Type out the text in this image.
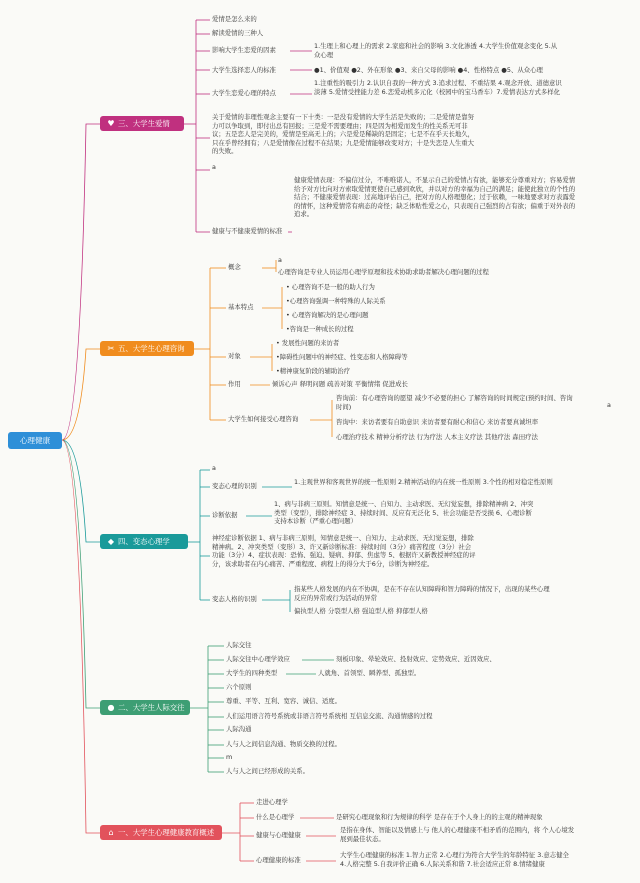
心理健康
♥ 三、大学生爱情
爱情是怎么来的
解读爱情的三种人
影响大学生恋爱的因素	1.生理上和心理上的需求 2.家庭和社会的影响 3.文化渗透 4.大学生价值观念变化 5.从众心理
大学生选择恋人的标准	●1、价值观 ●2、外在形象 ●3、来自父母的影响 ●4、性格特点 ●5、从众心理
大学生恋爱心理的特点
1.注重性的吸引力 2.认识自我的一种方式 3.追求过程、不重结果 4.观念开放、道德意识淡薄 5.爱情受挫能力差 6.恋爱动机多元化（校园中的宝马香车）7.爱情表达方式多样化
关于爱情的非理性观念主要有一下十类：一是没有爱情的大学生活是失败的；二是爱情是靠努力可以争取到，即付出总有回报；三是爱不需要理由；四是因为相爱而发生的性关系无可非议；五是恋人是完美的，爱情是至高无上的；六是爱是稀缺的是固定；七是不在乎天长地久，只在乎曾经拥有；八是爱情像在过程不在结果；九是爱情能够改变对方；十是失恋是人生重大的失败。
a
健康与不健康爱情的标准
健康爱情表现：不偏信过分，不唯唯诺人，不显示自己的爱情占有欲，能够充分尊重对方；容易爱情给予对方比向对方索取爱情更使自己感到欢欣，并以对方的幸福为自己的满足；能使此独立的个性的结合；不健康爱情表现：过高地评估自己，把对方的人格理想化；过于依赖，一味地要求对方表露爱的情怀，这种爱情常有病态的奇怪；缺乏体贴性爱之心，只表现自己强烈的占有欲；偏重于对外表的追求。
✂ 五、大学生心理咨询
概念
a
心理咨询是专业人员运用心理学原理和技术协助求助者解决心理问题的过程
基本特点
• 心理咨询不是一般的助人行为
•心理咨询强调一种特殊的人际关系
• 心理咨询解决的是心理问题
•咨询是一种成长的过程
对象
• 发展性问题的来访者
•障碍性问题中的神经症、性变态和人格障碍等
•精神康复阶段的辅助治疗
作用	倾诉心声 释明问题 疏善对策 平衡情绪 促进成长
大学生如何接受心理咨询
咨询前：有心理咨询的愿望 减少不必要的担心 了解咨询的时间规定(预约时间、咨询时间)
咨询中：来访者要有自助意识 来访者要有耐心和信心 来访者要真诚坦率
心理治疗技术 精神分析疗法 行为疗法 人本主义疗法 其他疗法 森田疗法
a
◆ 四、变态心理学
a
变态心理的识别	1.主观世界和客观世界的统一性原则 2.精神活动的内在统一性原则 3.个性的相对稳定性原则
诊断依据
1、病与非病三原则。知情意是统一、自知力、主动求医、无幻觉妄想，排除精神病 2、冲突类型（变型），排除神经症 3、持续时间、反应有无泛化 5、社会功能是否受损 6、心理诊断支持本诊断（严重心理问题）
神经症诊断依据 1、病与非病三原则，知情意是统一、自知力、主动求医、无幻觉妄想，排除精神病。2、冲突类型（变形）3、许又新诊断标准：持续时间（3分）痛苦程度（3分）社会功能（3分）4、症状表现：恐怖、强迫、疑病、抑郁、焦虑等 5、根据许又新教授神经症的评分，该求助者在内心痛苦、严重程度、病程上的得分大于6分，诊断为神经症。
变态人格的识别
指某些人格发展的内在不协调，是在不存在认知障碍和智力障碍的情况下，出现的某些心理反应的异常或行为活动的异常
偏执型人格 分裂型人格 强迫型人格 抑郁型人格
● 二、大学生人际交往
人际交往
人际交往中心理学效应	刻板印象、晕轮效应、投射效应、定势效应、近因效应、
大学生的四种类型	人就角、首领型、瞬养型、孤独型。
六个原则
尊重、平等、互利、宽容、诚信、适度。
人们运用语言符号系统或非语言符号系统相 互信息交流、沟通情感的过程
人际沟通
人与人之间信息沟通、物质交换的过程。
m
人与人之间已经形成的关系。
⌂ 一、大学生心理健康教育概述
走进心理学
什么是心理学	是研究心理现象和行为规律的科学 是存在于个人身上的的主观的精神现象
健康与心理健康
是指在身体、智能以及情感上与 他人的心理健康不相矛盾的范围内，将 个人心境发展到最佳状态。
心理健康的标准
大学生心理健康的标准 1.智力正常 2.心理行为符合大学生的年龄特征 3.意志健全 4.人格完整 5.自我评价正确 6.人际关系和谐 7.社会适应正常 8.情绪健康
